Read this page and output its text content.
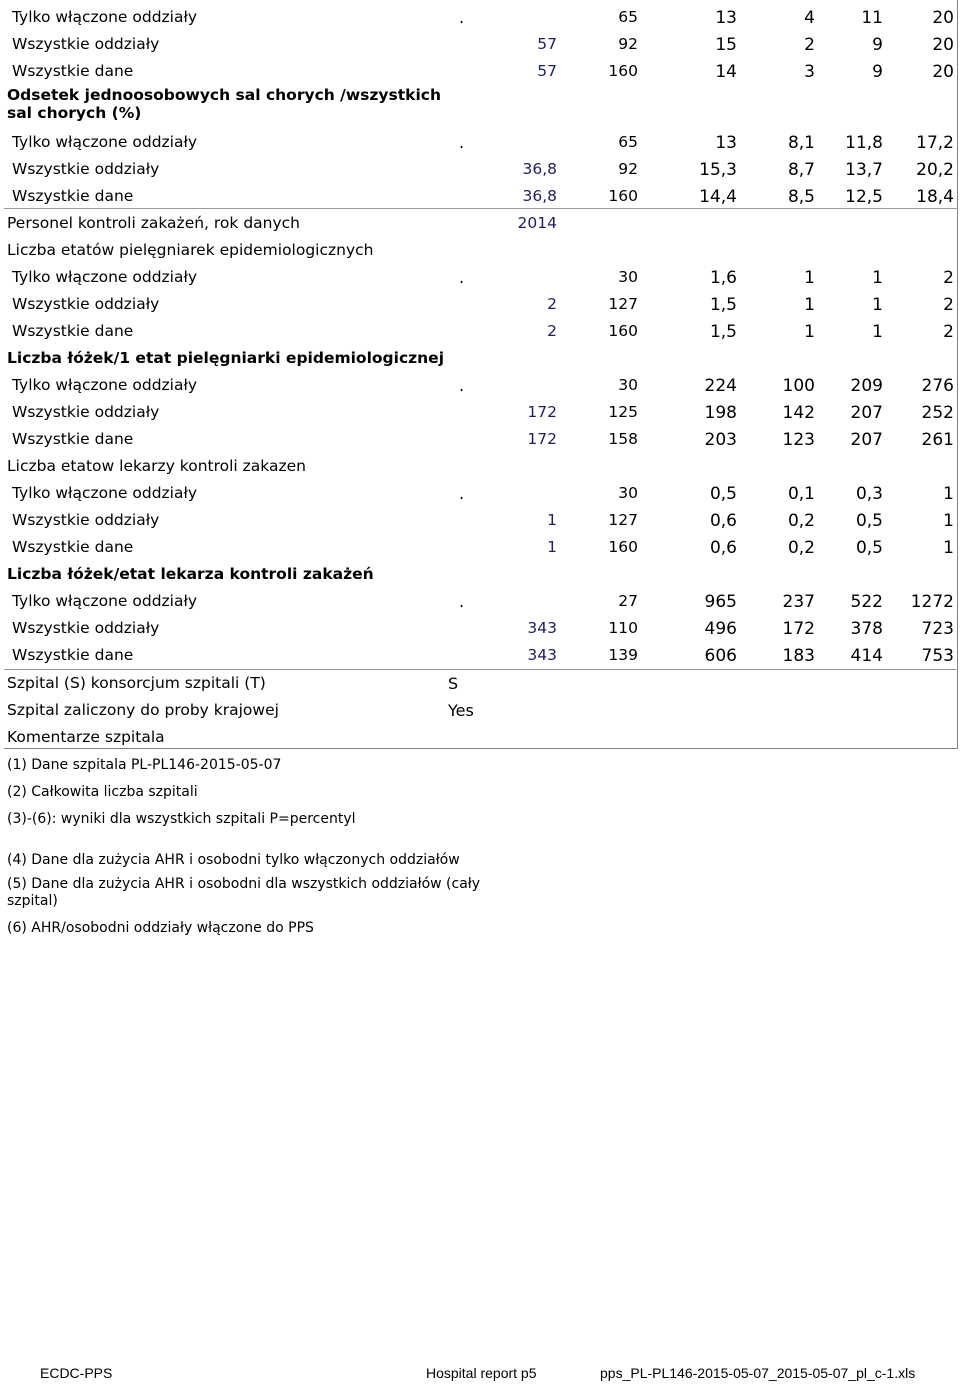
Tylko włączone oddziały	.	65	13	4	11	20
Wszystkie oddziały	57	92	15	2	9	20
Wszystkie dane	57	160	14	3	9	20
Odsetek jednoosobowych sal chorych /wszystkich
sal chorych (%)
Tylko włączone oddziały	.	65	13	8,1 11,8 17,2
Wszystkie oddziały	36,8	92	15,3	8,7 13,7 20,2
Wszystkie dane	36,8	160	14,4	8,5 12,5 18,4
Personel kontroli zakażeń, rok danych	2014
Liczba etatów pielęgniarek epidemiologicznych
Tylko włączone oddziały	.	30	1,6	1	1	2
Wszystkie oddziały	2	127	1,5	1	1	2
Wszystkie dane	2	160	1,5	1	1	2
Liczba łóżek/1 etat pielęgniarki epidemiologicznej
Tylko włączone oddziały	.	30	224	100 209 276
Wszystkie oddziały	172	125	198	142 207 252
Wszystkie dane	172	158	203	123 207 261
Liczba etatow lekarzy kontroli zakazen
Tylko włączone oddziały	.	30	0,5	0,1 0,3	1
Wszystkie oddziały	1	127	0,6	0,2 0,5	1
Wszystkie dane	1	160	0,6	0,2 0,5	1
Liczba łóżek/etat lekarza kontroli zakażeń
Tylko włączone oddziały	.	27	965	237 522 1272
Wszystkie oddziały	343	110	496	172 378 723
Wszystkie dane	343	139	606	183 414 753
Szpital (S) konsorcjum szpitali (T)	S
Szpital zaliczony do proby krajowej	Yes
Komentarze szpitala
(1) Dane szpitala PL-PL146-2015-05-07
(2) Całkowita liczba szpitali
(3)-(6): wyniki dla wszystkich szpitali P=percentyl
(4) Dane dla zużycia AHR i osobodni tylko włączonych oddziałów
(5) Dane dla zużycia AHR i osobodni dla wszystkich oddziałów (cały
szpital)
(6) AHR/osobodni oddziały włączone do PPS
ECDC-PPS	Hospital report p5	pps_PL-PL146-2015-05-07_2015-05-07_pl_c-1.xls
